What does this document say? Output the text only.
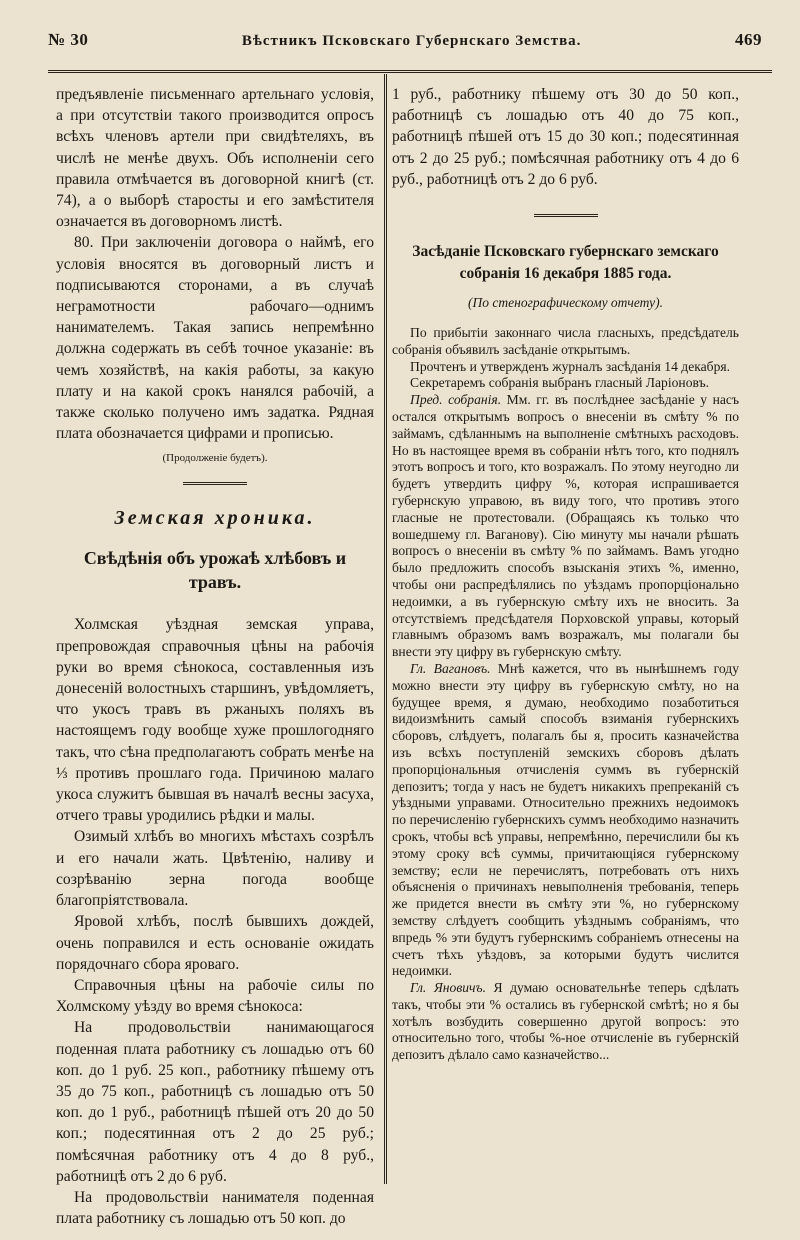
№ 30	Вѣстникъ Псковскаго Губернскаго Земства.	469

предъявленіе письменнаго артельнаго условія, а при отсутствіи такого производится опросъ всѣхъ членовъ артели при свидѣтеляхъ, въ числѣ не менѣе двухъ. Объ исполненіи сего правила отмѣчается въ договорной книгѣ (ст. 74), а о выборѣ старосты и его замѣстителя означается въ договорномъ листѣ.

80. При заключеніи договора о наймѣ, его условія вносятся въ договорный листъ и подписываются сторонами, а въ случаѣ неграмотности рабочаго—однимъ нанимателемъ. Такая запись непремѣнно должна содержать въ себѣ точное указаніе: въ чемъ хозяйствѣ, на какія работы, за какую плату и на какой срокъ нанялся рабочій, а также сколько получено имъ задатка. Рядная плата обозначается цифрами и прописью.

(Продолженіе будетъ).
Земская хроника.
Свѣдѣнія объ урожаѣ хлѣбовъ и травъ.

Холмская уѣздная земская управа, препровождая справочныя цѣны на рабочія руки во время сѣнокоса, составленныя изъ донесеній волостныхъ старшинъ, увѣдомляетъ, что укосъ травъ въ ржаныхъ поляхъ въ настоящемъ году вообще хуже прошлогодняго такъ, что сѣна предполагаютъ собрать менѣе на ⅓ противъ прошлаго года. Причиною малаго укоса служитъ бывшая въ началѣ весны засуха, отчего травы уродились рѣдки и малы.

Озимый хлѣбъ во многихъ мѣстахъ созрѣлъ и его начали жать. Цвѣтенію, наливу и созрѣванію зерна погода вообще благопріятствовала.

Яровой хлѣбъ, послѣ бывшихъ дождей, очень поправился и есть основаніе ожидать порядочнаго сбора яроваго.

Справочныя цѣны на рабочіе силы по Холмскому уѣзду во время сѣнокоса:

На продовольствіи нанимающагося поденная плата работнику съ лошадью отъ 60 коп. до 1 руб. 25 коп., работнику пѣшему отъ 35 до 75 коп., работницѣ съ лошадью отъ 50 коп. до 1 руб., работницѣ пѣшей отъ 20 до 50 коп.; подесятинная отъ 2 до 25 руб.; помѣсячная работнику отъ 4 до 8 руб., работницѣ отъ 2 до 6 руб.

На продовольствіи нанимателя поденная плата работнику съ лошадью отъ 50 коп. до

1 руб., работнику пѣшему отъ 30 до 50 коп., работницѣ съ лошадью отъ 40 до 75 коп., работницѣ пѣшей отъ 15 до 30 коп.; подесятинная отъ 2 до 25 руб.; помѣсячная работнику отъ 4 до 6 руб., работницѣ отъ 2 до 6 руб.

Засѣданіе Псковскаго губернскаго земскаго собранія 16 декабря 1885 года.
(По стенографическому отчету).

По прибытіи законнаго числа гласныхъ, предсѣдатель собранія объявилъ засѣданіе открытымъ.

Прочтенъ и утвержденъ журналъ засѣданія 14 декабря.

Секретаремъ собранія выбранъ гласный Ларіоновъ.

Пред. собранія. Мм. гг. въ послѣднее засѣданіе у насъ остался открытымъ вопросъ о внесеніи въ смѣту % по займамъ, сдѣланнымъ на выполненіе смѣтныхъ расходовъ. Но въ настоящее время въ собраніи нѣтъ того, кто поднялъ этотъ вопросъ и того, кто возражалъ. По этому неугодно ли будетъ утвердить цифру %, которая испрашивается губернскую управою, въ виду того, что противъ этого гласные не протестовали. (Обращаясь къ только что вошедшему гл. Ваганову). Сію минуту мы начали рѣшать вопросъ о внесеніи въ смѣту % по займамъ. Вамъ угодно было предложить способъ взысканія этихъ %, именно, чтобы они распредѣлялись по уѣздамъ пропорціонально недоимки, а въ губернскую смѣту ихъ не вносить. За отсутствіемъ предсѣдателя Порховской управы, который главнымъ образомъ вамъ возражалъ, мы полагали бы внести эту цифру въ губернскую смѣту.

Гл. Вагановъ. Мнѣ кажется, что въ нынѣшнемъ году можно внести эту цифру въ губернскую смѣту, но на будущее время, я думаю, необходимо позаботиться видоизмѣнить самый способъ взиманія губернскихъ сборовъ, слѣдуетъ, полагалъ бы я, просить казначейства изъ всѣхъ поступленій земскихъ сборовъ дѣлать пропорціональныя отчисленія суммъ въ губернскій депозитъ; тогда у насъ не будетъ никакихъ препреканій съ уѣздными управами. Относительно прежнихъ недоимокъ по перечисленію губернскихъ суммъ необходимо назначить срокъ, чтобы всѣ управы, непремѣнно, перечислили бы къ этому сроку всѣ суммы, причитающіяся губернскому земству; если не перечислятъ, потребовать отъ нихъ объясненія о причинахъ невыполненія требованія, теперь же придется внести въ смѣту эти %, но губернскому земству слѣдуетъ сообщить уѣзднымъ собраніямъ, что впредь % эти будутъ губернскимъ собраніемъ отнесены на счетъ тѣхъ уѣздовъ, за которыми будутъ числится недоимки.

Гл. Яновичъ. Я думаю основательнѣе теперь сдѣлать такъ, чтобы эти % остались въ губернской смѣтѣ; но я бы хотѣлъ возбудить совершенно другой вопросъ: это относительно того, чтобы %-ное отчисленіе въ губернскій депозитъ дѣлало само казначейство...
